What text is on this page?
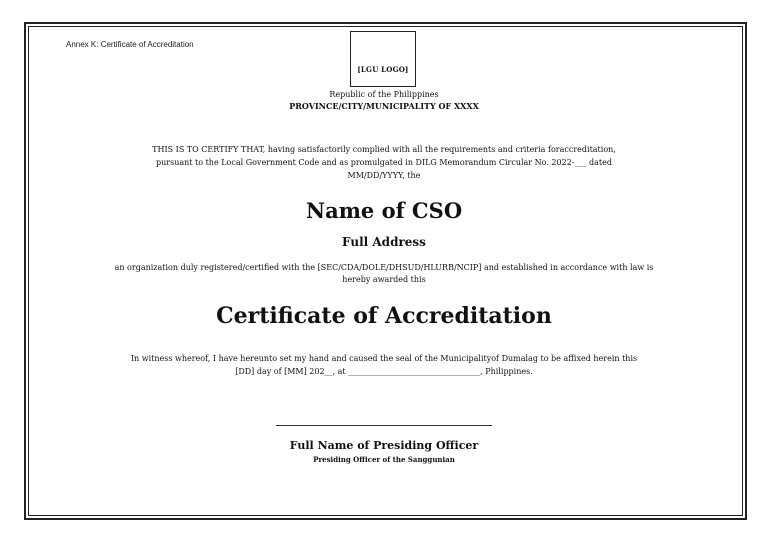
Annex K: Certificate of Accreditation
[LGU LOGO]
Republic of the Philippines
PROVINCE/CITY/MUNICIPALITY OF XXXX
THIS IS TO CERTIFY THAT, having satisfactorily complied with all the requirements and criteria foraccreditation,
pursuant to the Local Government Code and as promulgated in DILG Memorandum Circular No. 2022-___ dated
MM/DD/YYYY, the
Name of CSO
Full Address
an organization duly registered/certified with the [SEC/CDA/DOLE/DHSUD/HLURB/NCIP] and established in accordance with law is
hereby awarded this
Certificate of Accreditation
In witness whereof, I have hereunto set my hand and caused the seal of the Municipalityof Dumalag to be affixed herein this
[DD] day of [MM] 202__, at _________________________________, Philippines.
Full Name of Presiding Officer
Presiding Officer of the Sanggunian
